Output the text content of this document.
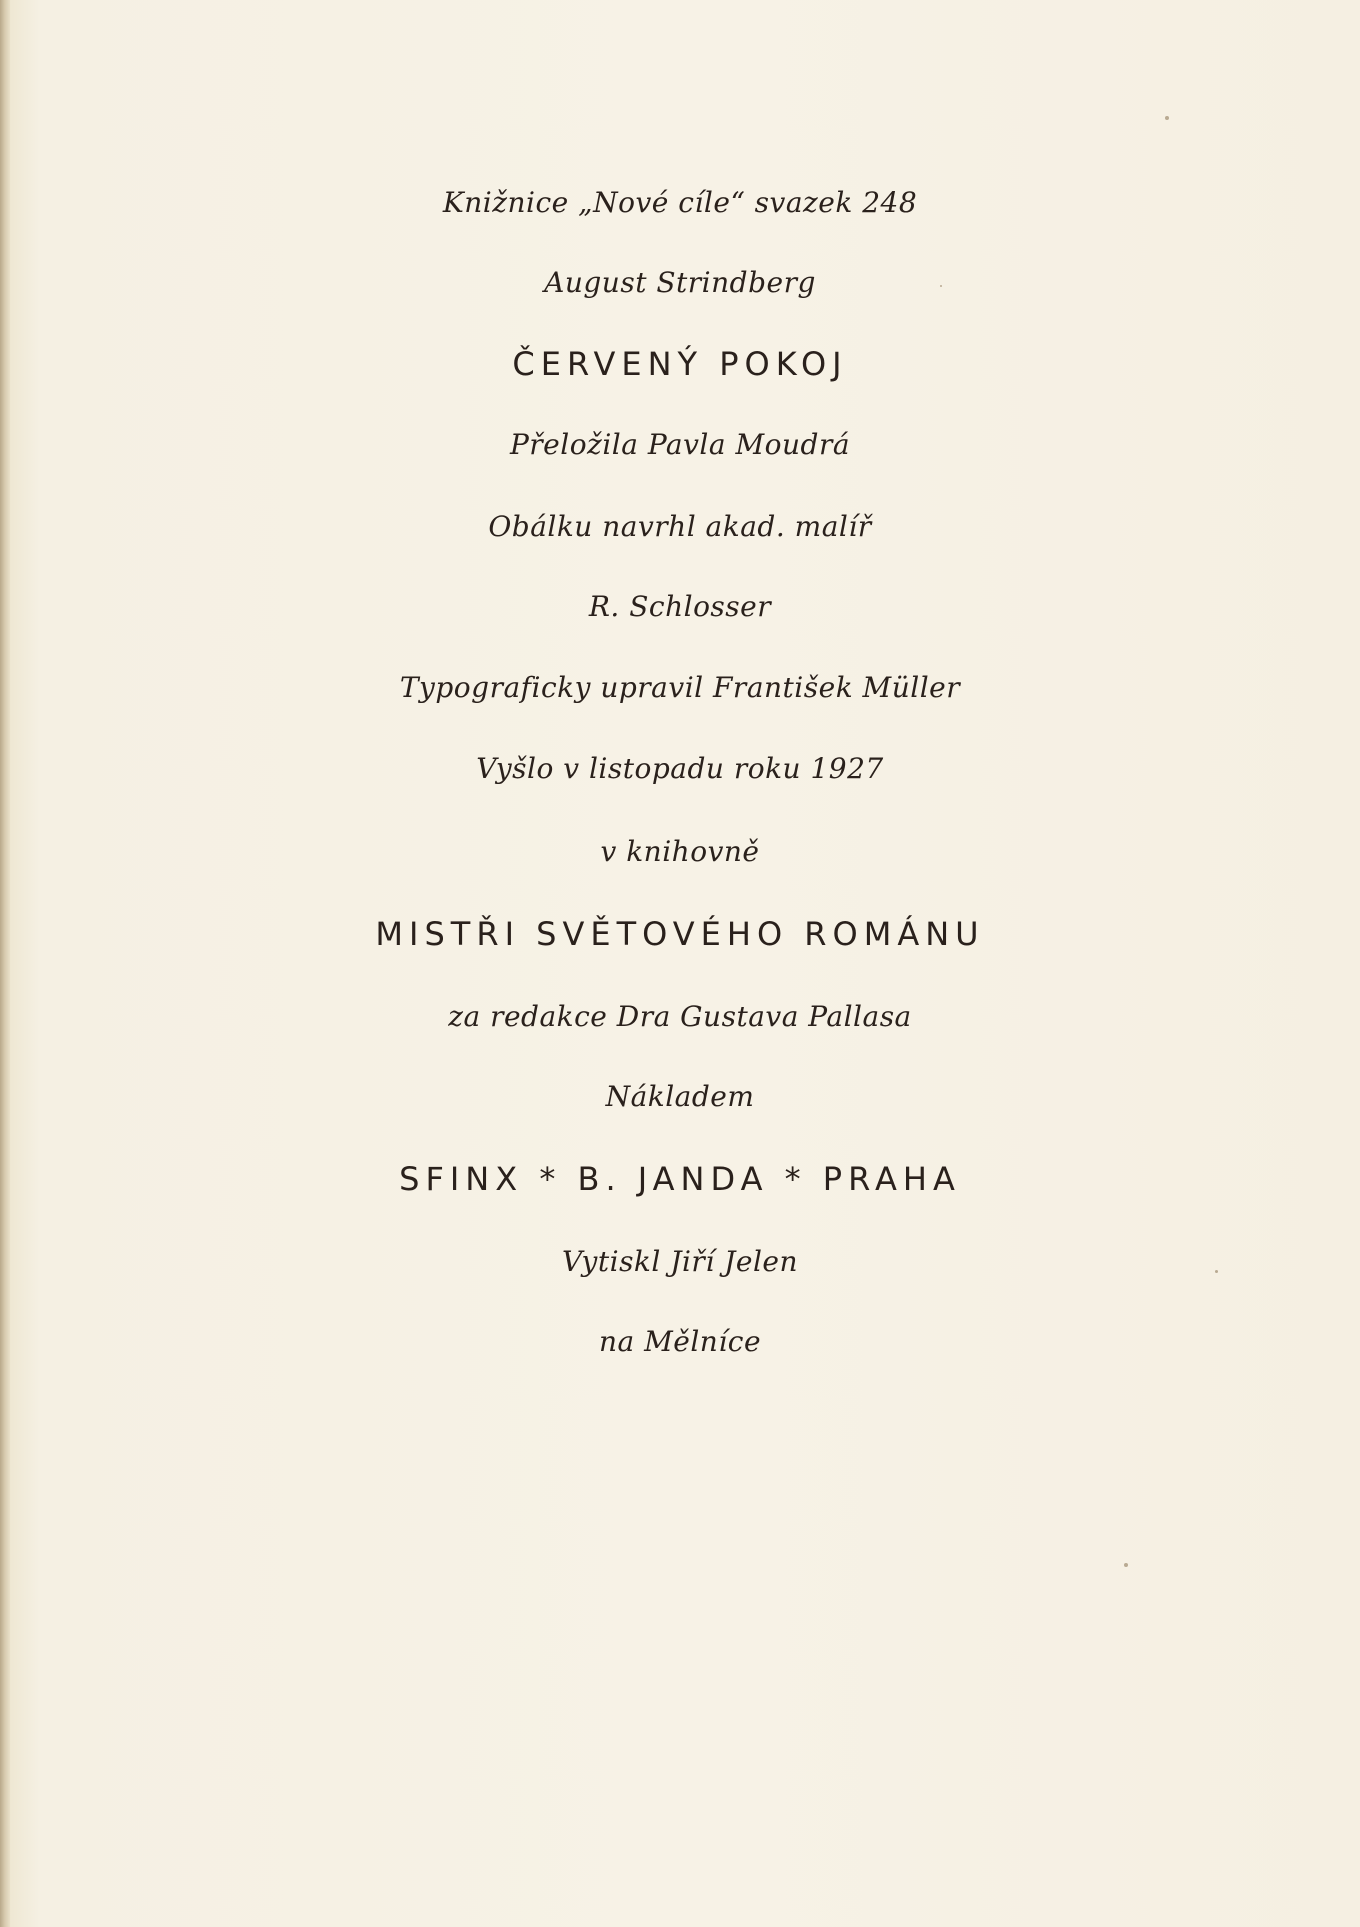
Knižnice „Nové cíle“ svazek 248
August Strindberg
ČERVENÝ POKOJ
Přeložila Pavla Moudrá
Obálku navrhl akad. malíř
R. Schlosser
Typograficky upravil František Müller
Vyšlo v listopadu roku 1927
v knihovně
MISTŘI SVĚTOVÉHO ROMÁNU
za redakce Dra Gustava Pallasa
Nákladem
SFINX * B. JANDA * PRAHA
Vytiskl Jiří Jelen
na Mělníce
